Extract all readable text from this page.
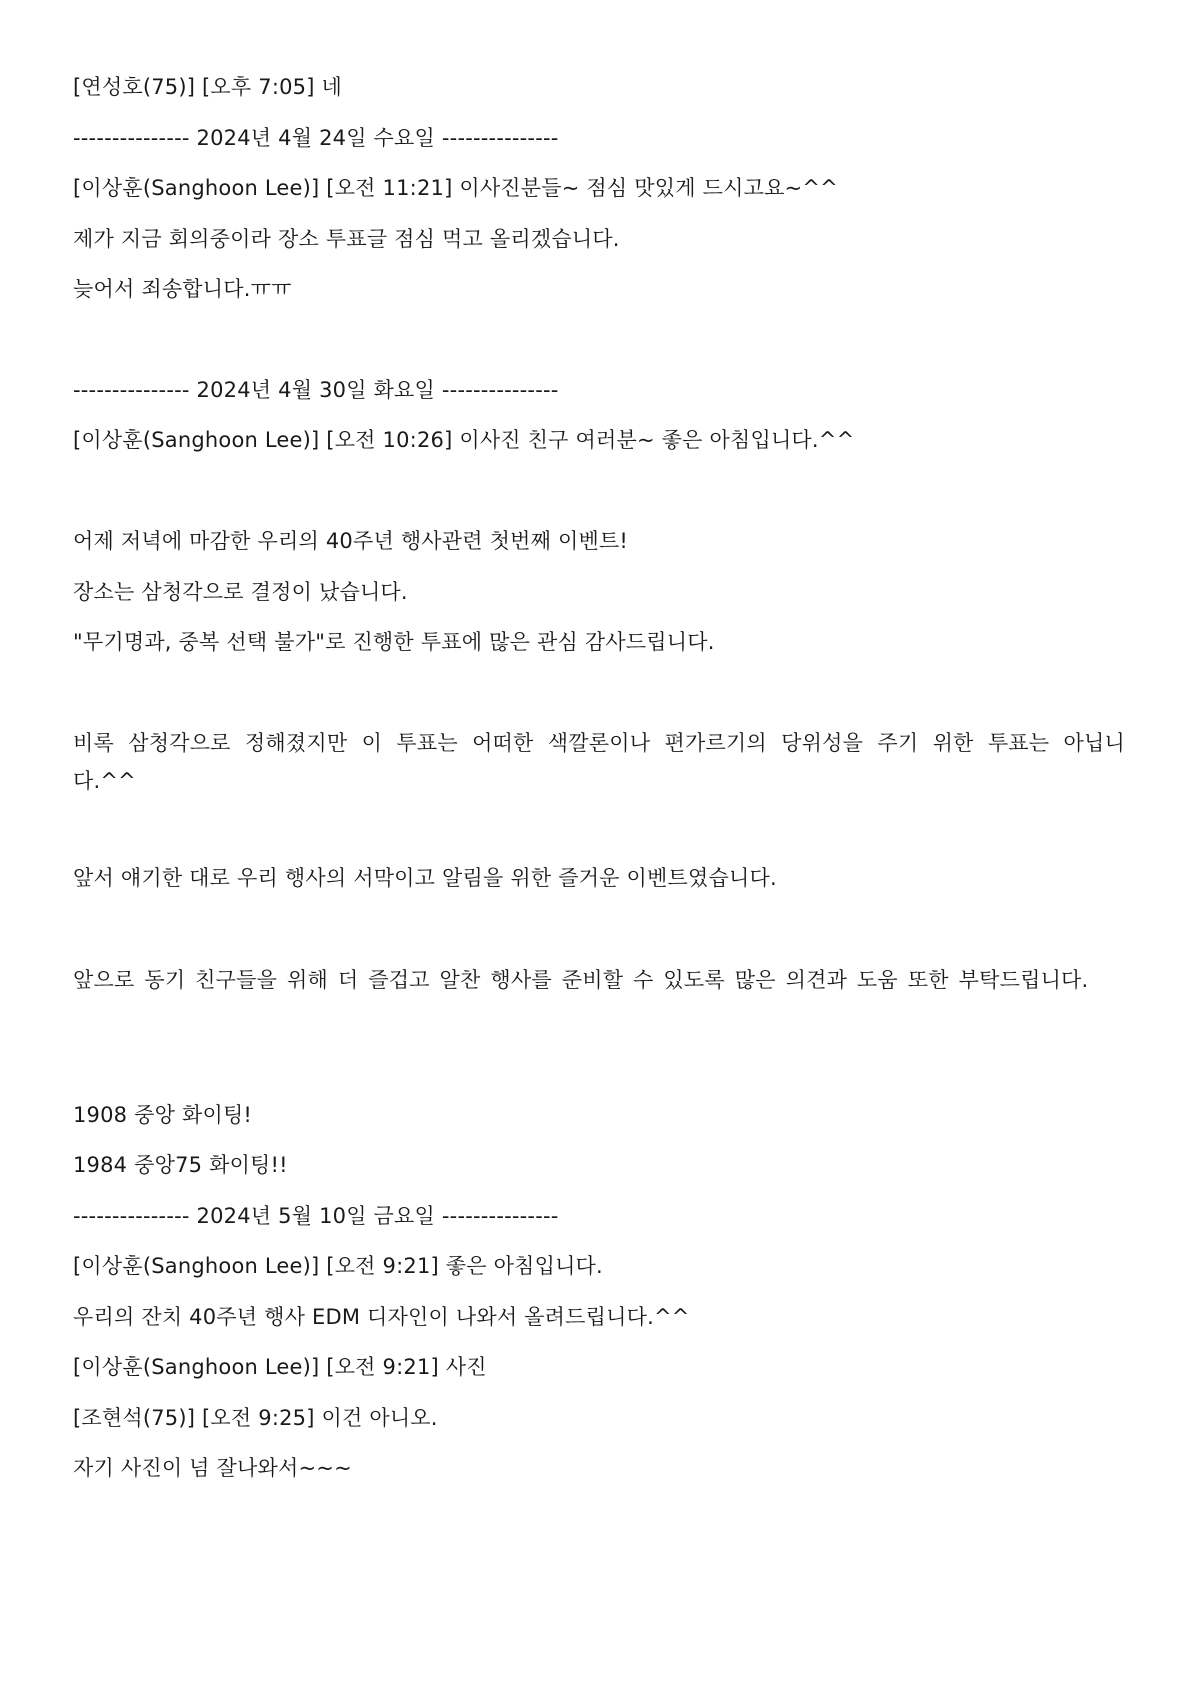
[연성호(75)] [오후 7:05] 네
--------------- 2024년 4월 24일 수요일 ---------------
[이상훈(Sanghoon Lee)] [오전 11:21] 이사진분들~ 점심 맛있게 드시고요~^^
제가 지금 회의중이라 장소 투표글 점심 먹고 올리겠습니다.
늦어서 죄송합니다.ㅠㅠ
--------------- 2024년 4월 30일 화요일 ---------------
[이상훈(Sanghoon Lee)] [오전 10:26] 이사진 친구 여러분~ 좋은 아침입니다.^^
어제 저녁에 마감한 우리의 40주년 행사관련 첫번째 이벤트!
장소는 삼청각으로 결정이 났습니다.
"무기명과, 중복 선택 불가"로 진행한 투표에 많은 관심 감사드립니다.
비록 삼청각으로 정해졌지만 이 투표는 어떠한 색깔론이나 편가르기의 당위성을 주기 위한 투표는 아닙니다.^^
앞서 얘기한 대로 우리 행사의 서막이고 알림을 위한 즐거운 이벤트였습니다.
앞으로 동기 친구들을 위해 더 즐겁고 알찬 행사를 준비할 수 있도록 많은 의견과 도움 또한 부탁드립니다.
1908 중앙 화이팅!
1984 중앙75 화이팅!!
--------------- 2024년 5월 10일 금요일 ---------------
[이상훈(Sanghoon Lee)] [오전 9:21] 좋은 아침입니다.
우리의 잔치 40주년 행사 EDM 디자인이 나와서 올려드립니다.^^
[이상훈(Sanghoon Lee)] [오전 9:21] 사진
[조현석(75)] [오전 9:25] 이건 아니오.
자기 사진이 넘 잘나와서~~~
